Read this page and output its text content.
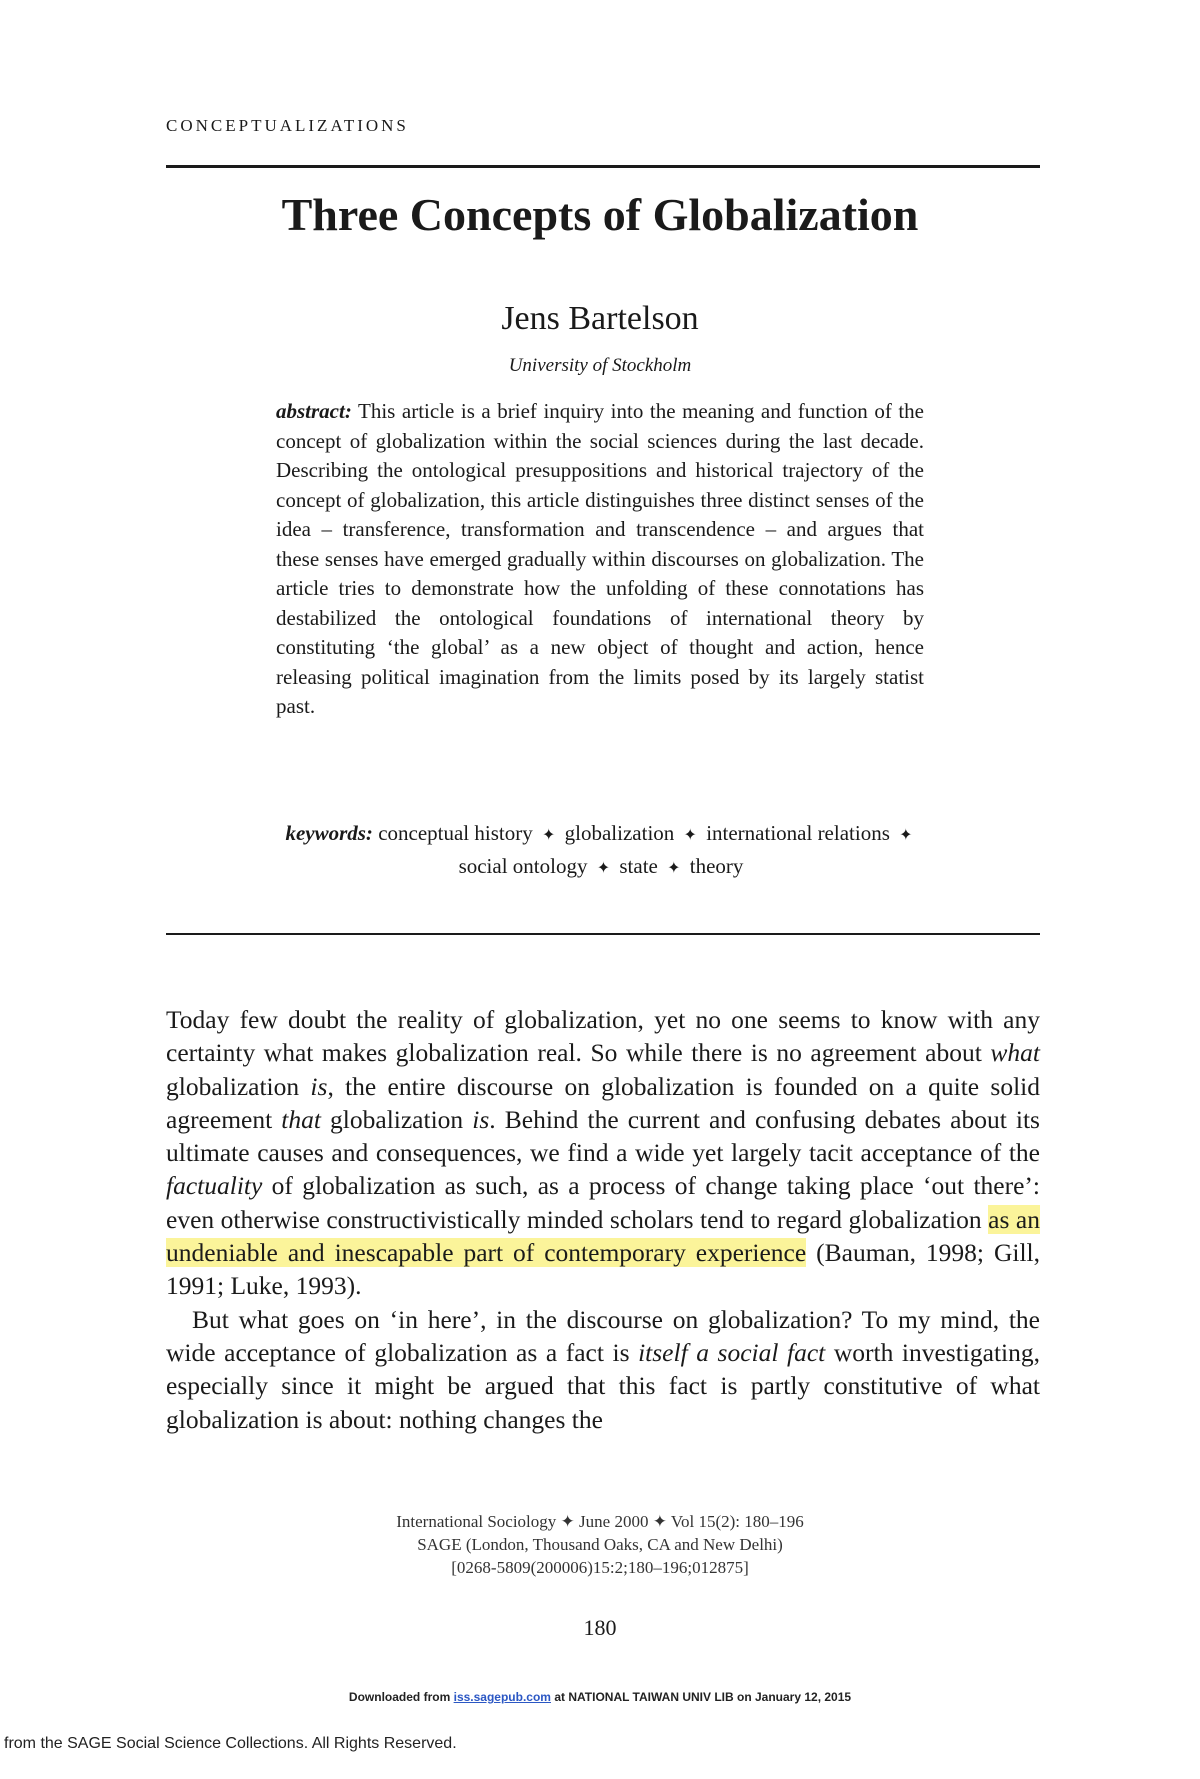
CONCEPTUALIZATIONS
Three Concepts of Globalization
Jens Bartelson
University of Stockholm

abstract: This article is a brief inquiry into the meaning and function of the concept of globalization within the social sciences during the last decade. Describing the ontological presuppositions and historical trajectory of the concept of globalization, this article distinguishes three distinct senses of the idea – transference, transformation and transcendence – and argues that these senses have emerged gradually within discourses on globalization. The article tries to demonstrate how the unfolding of these connotations has destabilized the ontological foundations of international theory by constituting ‘the global’ as a new object of thought and action, hence releasing political imagination from the limits posed by its largely statist past.

keywords: conceptual history ✦ globalization ✦ international relations ✦ social ontology ✦ state ✦ theory

Today few doubt the reality of globalization, yet no one seems to know with any certainty what makes globalization real. So while there is no agreement about what globalization is, the entire discourse on globalization is founded on a quite solid agreement that globalization is. Behind the current and confusing debates about its ultimate causes and consequences, we find a wide yet largely tacit acceptance of the factuality of globalization as such, as a process of change taking place ‘out there’: even otherwise constructivistically minded scholars tend to regard globalization as an undeniable and inescapable part of contemporary experience (Bauman, 1998; Gill, 1991; Luke, 1993).

But what goes on ‘in here’, in the discourse on globalization? To my mind, the wide acceptance of globalization as a fact is itself a social fact worth investigating, especially since it might be argued that this fact is partly constitutive of what globalization is about: nothing changes the

International Sociology ✦ June 2000 ✦ Vol 15(2): 180–196
SAGE (London, Thousand Oaks, CA and New Delhi)
[0268-5809(200006)15:2;180–196;012875]
180
Downloaded from iss.sagepub.com at NATIONAL TAIWAN UNIV LIB on January 12, 2015
from the SAGE Social Science Collections. All Rights Reserved.
